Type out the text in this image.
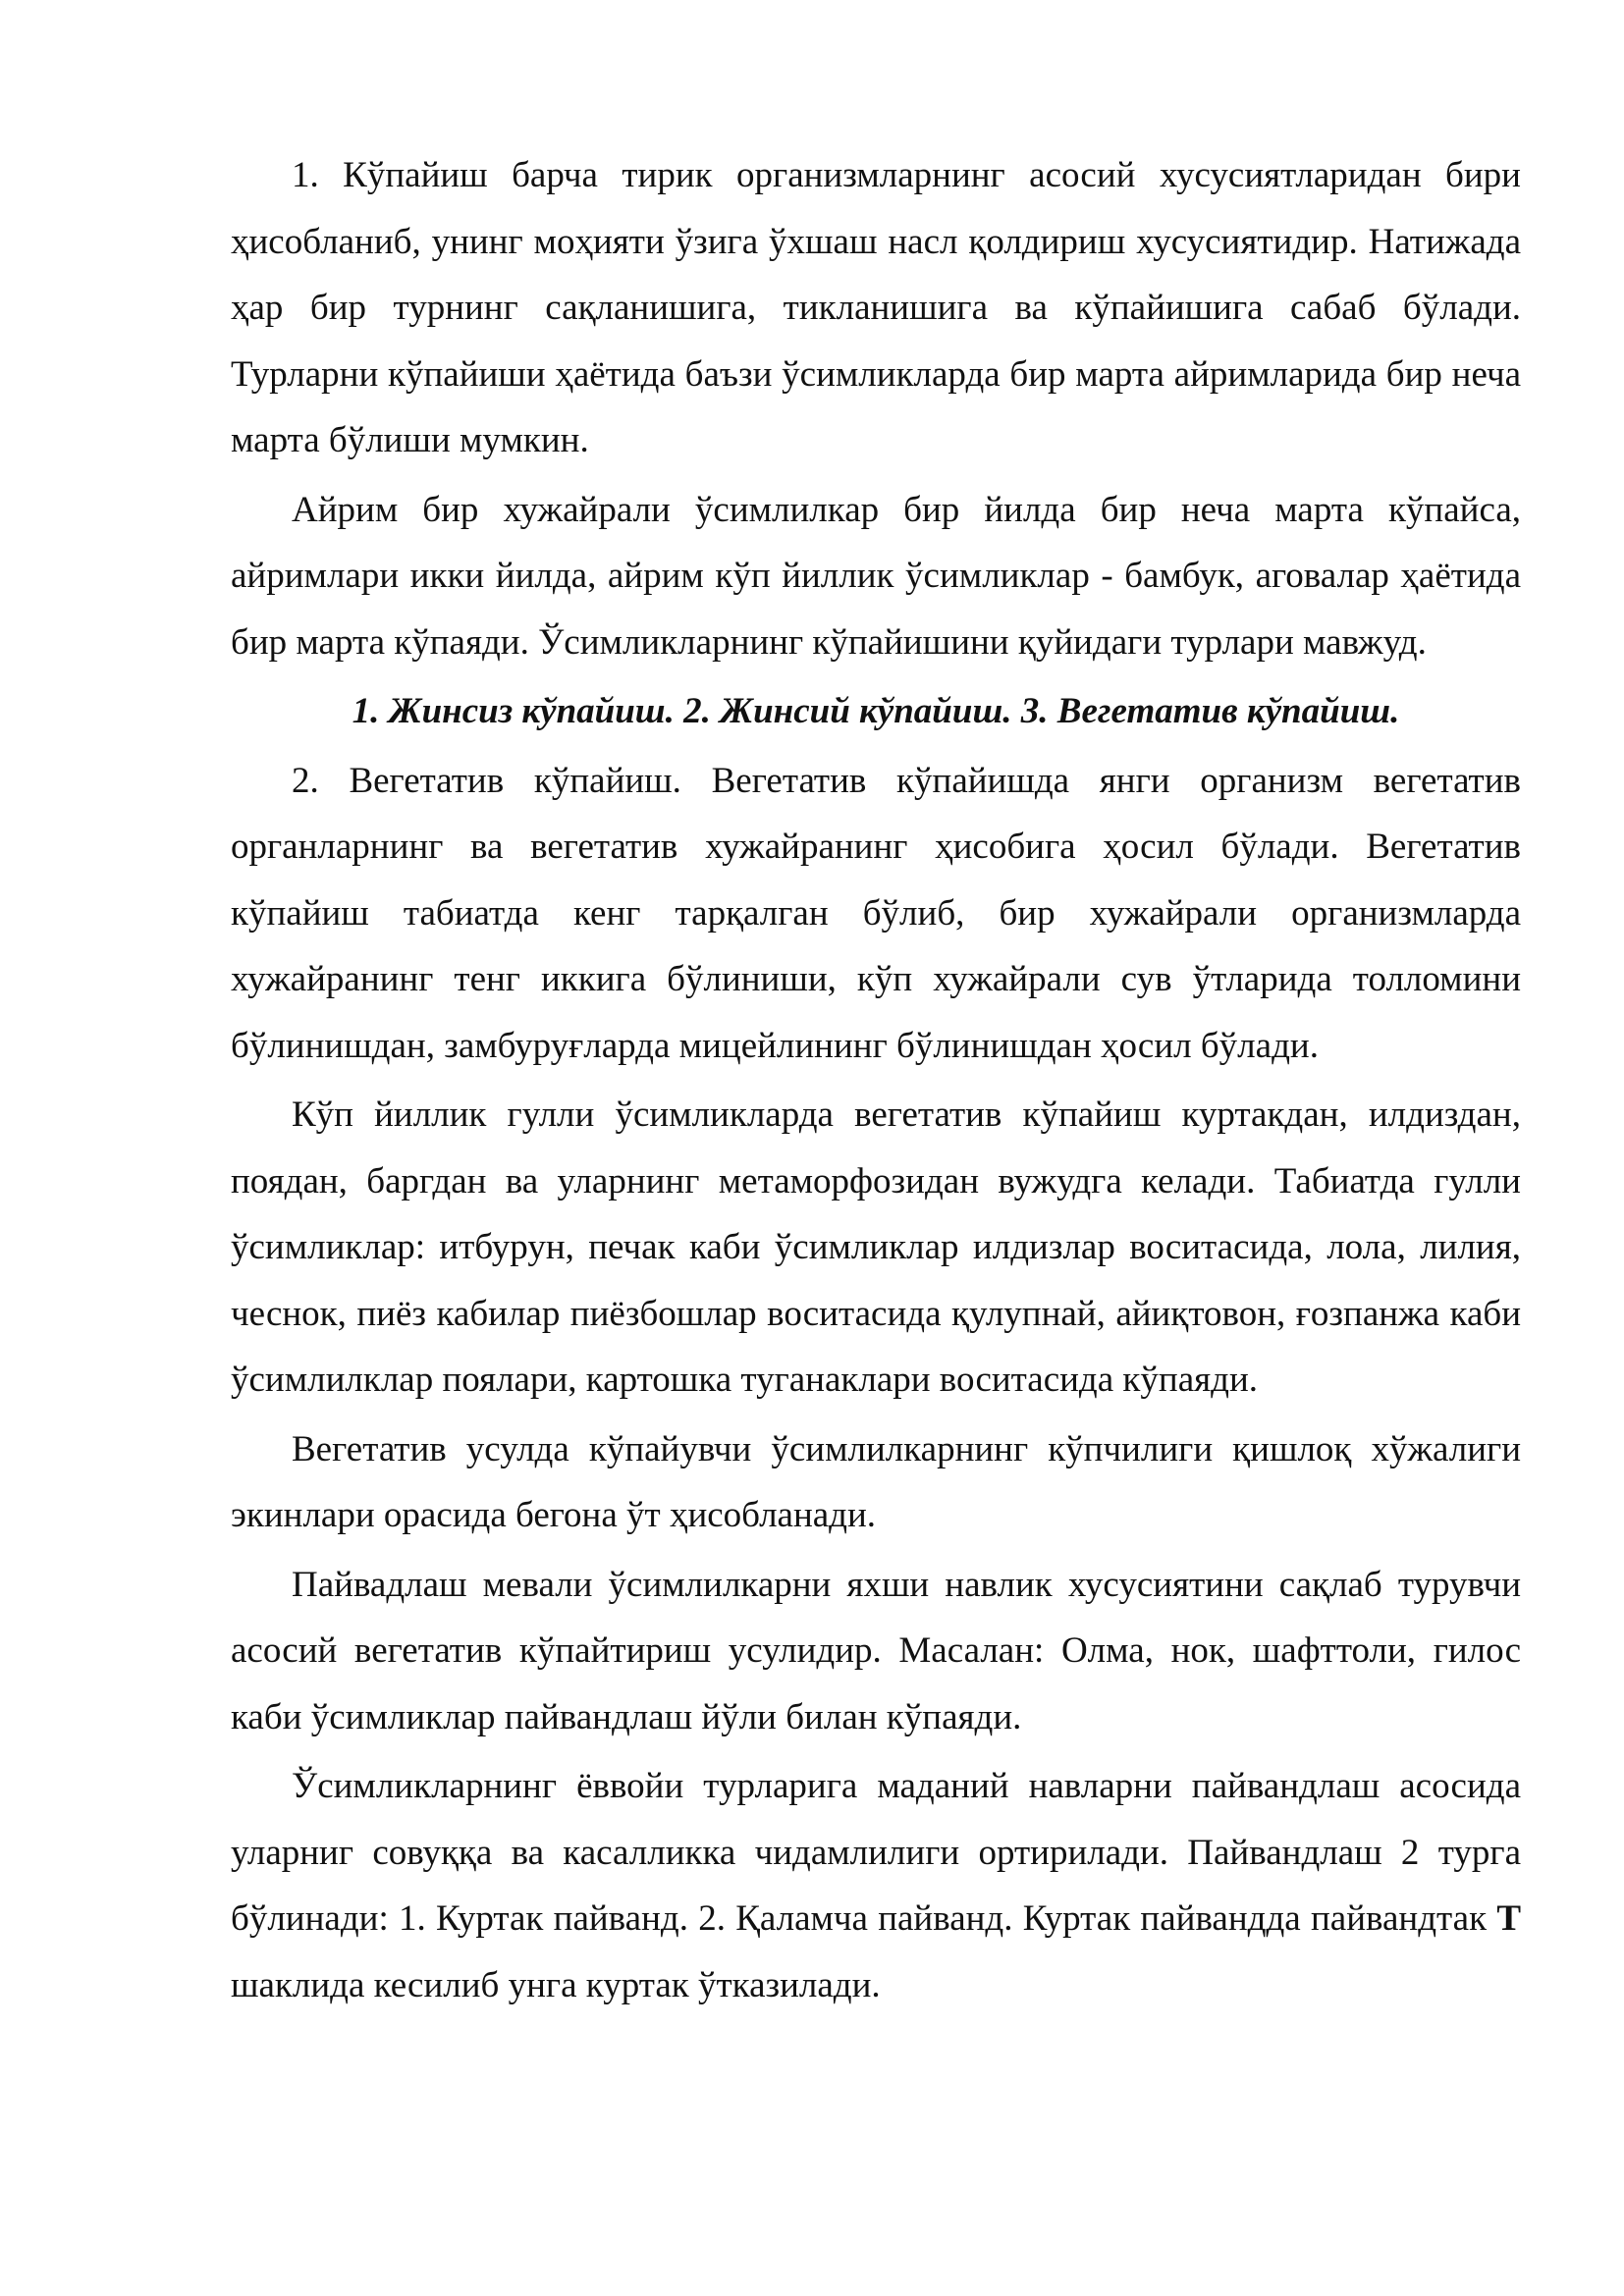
1. Кўпайиш барча тирик организмларнинг асосий хусусиятларидан бири ҳисобланиб, унинг моҳияти ўзига ўхшаш насл қолдириш хусусиятидир. Натижада ҳар бир турнинг сақланишига, тикланишига ва кўпайишига сабаб бўлади. Турларни кўпайиши ҳаётида баъзи ўсимликларда бир марта айримларида бир неча марта бўлиши мумкин.

Айрим бир хужайрали ўсимлилкар бир йилда бир неча марта кўпайса, айримлари икки йилда, айрим кўп йиллик ўсимликлар - бамбук, аговалар ҳаётида бир марта кўпаяди. Ўсимликларнинг кўпайишини қуйидаги турлари мавжуд.

1. Жинсиз кўпайиш. 2. Жинсий кўпайиш. 3. Вегетатив кўпайиш.

2. Вегетатив кўпайиш. Вегетатив кўпайишда янги организм вегетатив органларнинг ва вегетатив хужайранинг ҳисобига ҳосил бўлади. Вегетатив кўпайиш табиатда кенг тарқалган бўлиб, бир хужайрали организмларда хужайранинг тенг иккига бўлиниши, кўп хужайрали сув ўтларида толломини бўлинишдан, замбуруғларда мицейлининг бўлинишдан ҳосил бўлади.

Кўп йиллик гулли ўсимликларда вегетатив кўпайиш куртакдан, илдиздан, поядан, баргдан ва уларнинг метаморфозидан вужудга келади. Табиатда гулли ўсимликлар: итбурун, печак каби ўсимликлар илдизлар воситасида, лола, лилия, чеснок, пиёз кабилар пиёзбошлар воситасида қулупнай, айиқтовон, ғозпанжа каби ўсимлилклар поялари, картошка туганаклари воситасида кўпаяди.

Вегетатив усулда кўпайувчи ўсимлилкарнинг кўпчилиги қишлоқ хўжалиги экинлари орасида бегона ўт ҳисобланади.

Пайвадлаш мевали ўсимлилкарни яхши навлик хусусиятини сақлаб турувчи асосий вегетатив кўпайтириш усулидир. Масалан: Олма, нок, шафттоли, гилос каби ўсимликлар пайвандлаш йўли билан кўпаяди.

Ўсимликларнинг ёввойи турларига маданий навларни пайвандлаш асосида уларниг совуққа ва касалликка чидамлилиги ортирилади. Пайвандлаш 2 турга бўлинади: 1. Куртак пайванд. 2. Қаламча пайванд. Куртак пайвандда пайвандтак Т шаклида кесилиб унга куртак ўтказилади.
